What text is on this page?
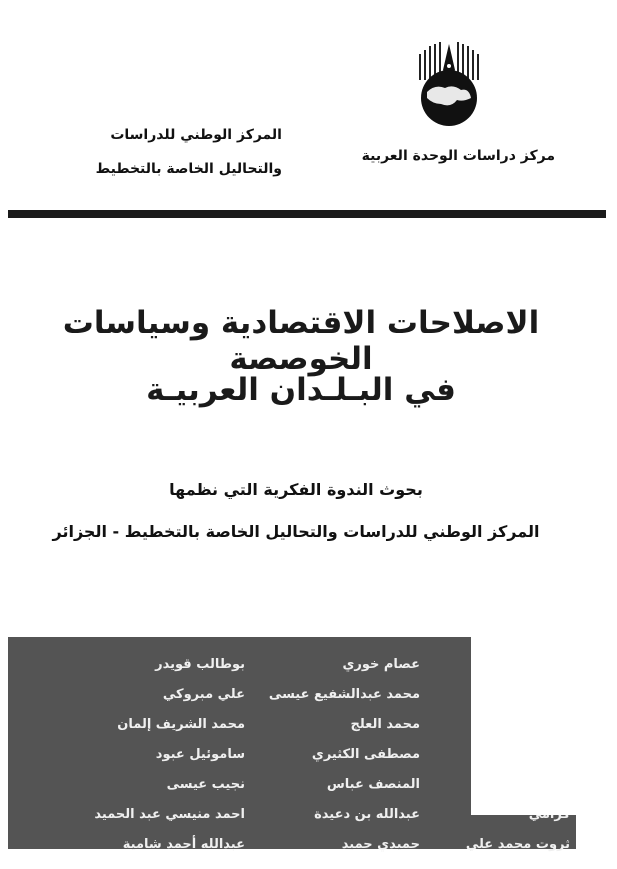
مركز دراسات الوحدة العربية
المركز الوطني للدراسات
والتحاليل الخاصة بالتخطيط
الاصلاحات الاقتصادية وسياسات الخوصصة
في البـلـدان العربيـة
بحوث الندوة الفكرية التي نظمها
المركز الوطني للدراسات والتحاليل الخاصة بالتخطيط - الجزائر
ثروت محمد علي
عصام خوري
محمد عبدالشفيع عيسى
محمد العلج
مصطفى الكثيري
المنصف عباس
عبدالله بن دعيدة
حميدي حميد
بوطالب قويدر
علي مبروكي
محمد الشريف إلمان
ساموئيل عبود
نجيب عيسى
احمد منيسي عبد الحميد
عبدالله أحمد شامية
